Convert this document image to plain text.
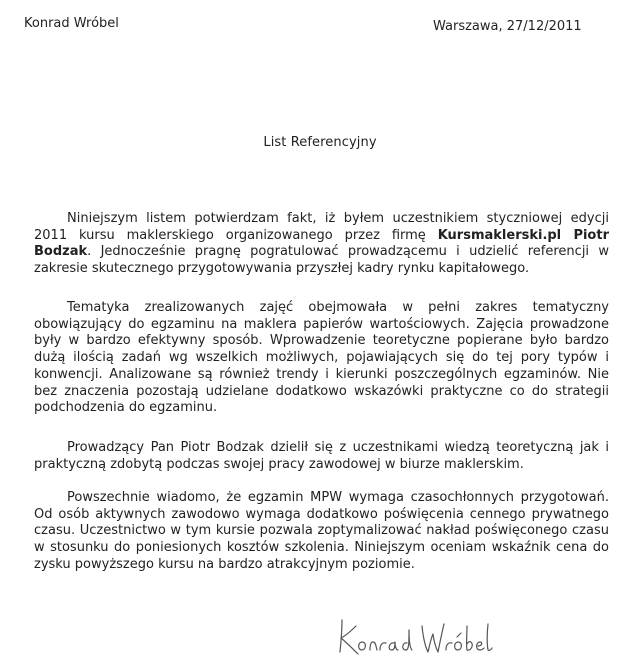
Konrad Wróbel	Warszawa, 27/12/2011
List Referencyjny

Niniejszym listem potwierdzam fakt, iż byłem uczestnikiem styczniowej edycji 2011 kursu maklerskiego organizowanego przez firmę Kursmaklerski.pl Piotr Bodzak. Jednocześnie pragnę pogratulować prowadzącemu i udzielić referencji w zakresie skutecznego przygotowywania przyszłej kadry rynku kapitałowego.

Tematyka zrealizowanych zajęć obejmowała w pełni zakres tematyczny obowiązujący do egzaminu na maklera papierów wartościowych. Zajęcia prowadzone były w bardzo efektywny sposób. Wprowadzenie teoretyczne popierane było bardzo dużą ilością zadań wg wszelkich możliwych, pojawiających się do tej pory typów i konwencji. Analizowane są również trendy i kierunki poszczególnych egzaminów. Nie bez znaczenia pozostają udzielane dodatkowo wskazówki praktyczne co do strategii podchodzenia do egzaminu.

Prowadzący Pan Piotr Bodzak dzielił się z uczestnikami wiedzą teoretyczną jak i praktyczną zdobytą podczas swojej pracy zawodowej w biurze maklerskim.

Powszechnie wiadomo, że egzamin MPW wymaga czasochłonnych przygotowań. Od osób aktywnych zawodowo wymaga dodatkowo poświęcenia cennego prywatnego czasu. Uczestnictwo w tym kursie pozwala zoptymalizować nakład poświęconego czasu w stosunku do poniesionych kosztów szkolenia. Niniejszym oceniam wskaźnik cena do zysku powyższego kursu na bardzo atrakcyjnym poziomie.
